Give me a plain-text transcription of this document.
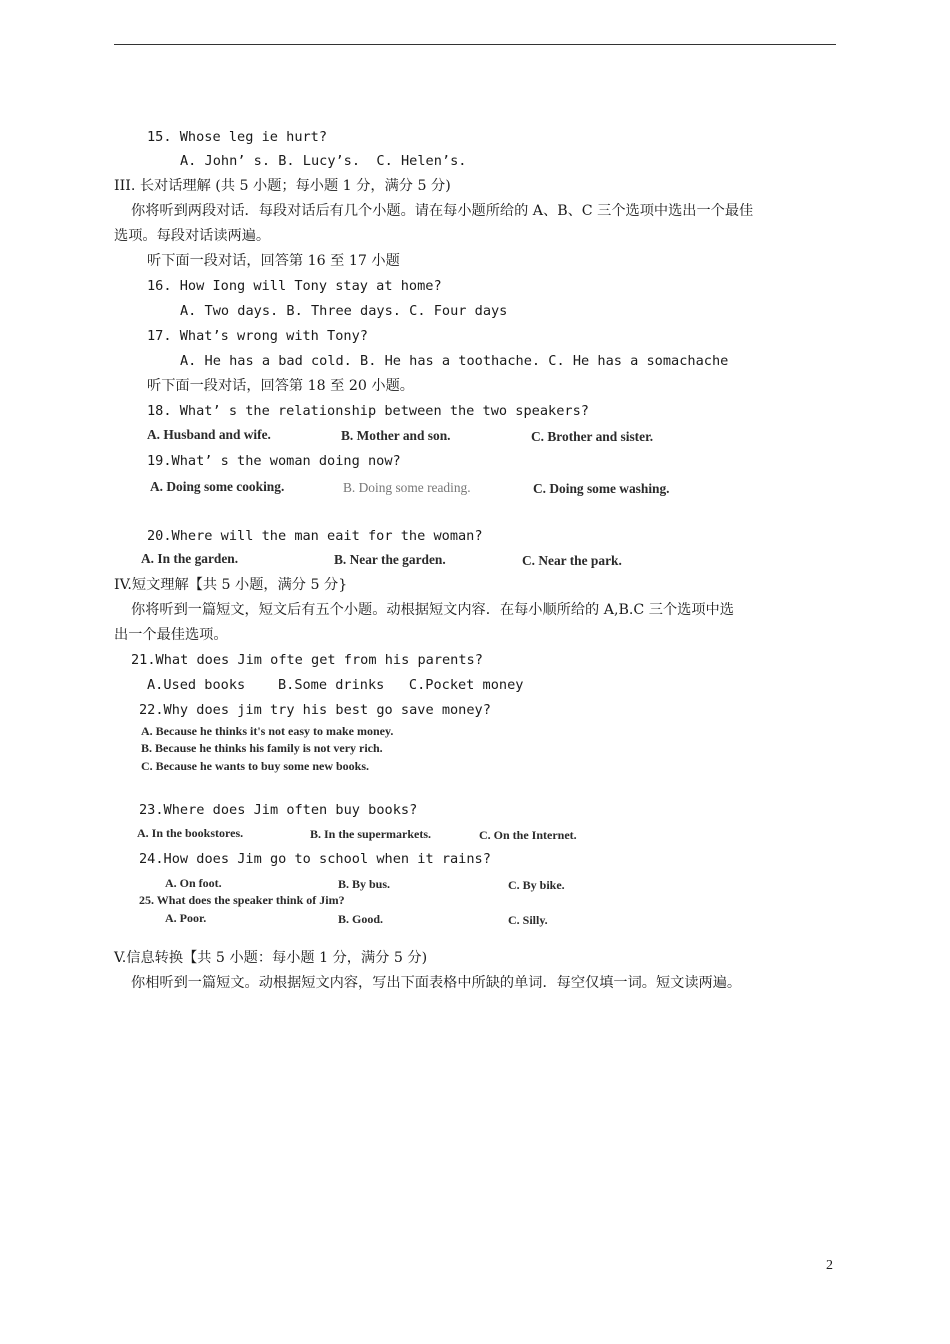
15. Whose leg ie hurt?
A. John’ s. B. Lucy’s.  C. Helen’s.
III. 长对话理解 (共 5 小题；每小题 1 分，满分 5 分)
你将听到两段对话．每段对话后有几个小题。请在每小题所给的 A、B、C 三个选项中选出一个最佳
选项。每段对话读两遍。
听下面一段对话，回答第 16 至 17 小题
16. How Iong will Tony stay at home?
A. Two days. B. Three days. C. Four days
17. What’s wrong with Tony?
A. He has a bad cold. B. He has a toothache. C. He has a somachache
听下面一段对话，回答第 18 至 20 小题。
18. What’ s the relationship between the two speakers?
A. Husband and wife.	B. Mother and son.	C. Brother and sister.
19.What’ s the woman doing now?
A. Doing some cooking.	B. Doing some reading.	C. Doing some washing.
20.Where will the man eait for the woman?
A. In the garden.	B. Near the garden.	C. Near the park.
IV.短文理解【共 5 小题，满分 5 分}
你将听到一篇短文，短文后有五个小题。动根据短文内容．在每小顺所给的 A,B.C 三个选项中选
出一个最佳选项。
21.What does Jim ofte get from his parents?
A.Used books    B.Some drinks   C.Pocket money
22.Why does jim try his best go save money?
A. Because he thinks it's not easy to make money.
B. Because he thinks his family is not very rich.
C. Because he wants to buy some new books.
23.Where does Jim often buy books?
A. In the bookstores.	B. In the supermarkets.	C. On the Internet.
24.How does Jim go to school when it rains?
A. On foot.	B. By bus.	C. By bike.
25. What does the speaker think of Jim?
A. Poor.	B. Good.	C. Silly.
V.信息转换【共 5 小题：每小题 1 分，满分 5 分)
你相听到一篇短文。动根据短文内容，写出下面表格中所缺的单词．每空仅填一词。短文读两遍。
2
